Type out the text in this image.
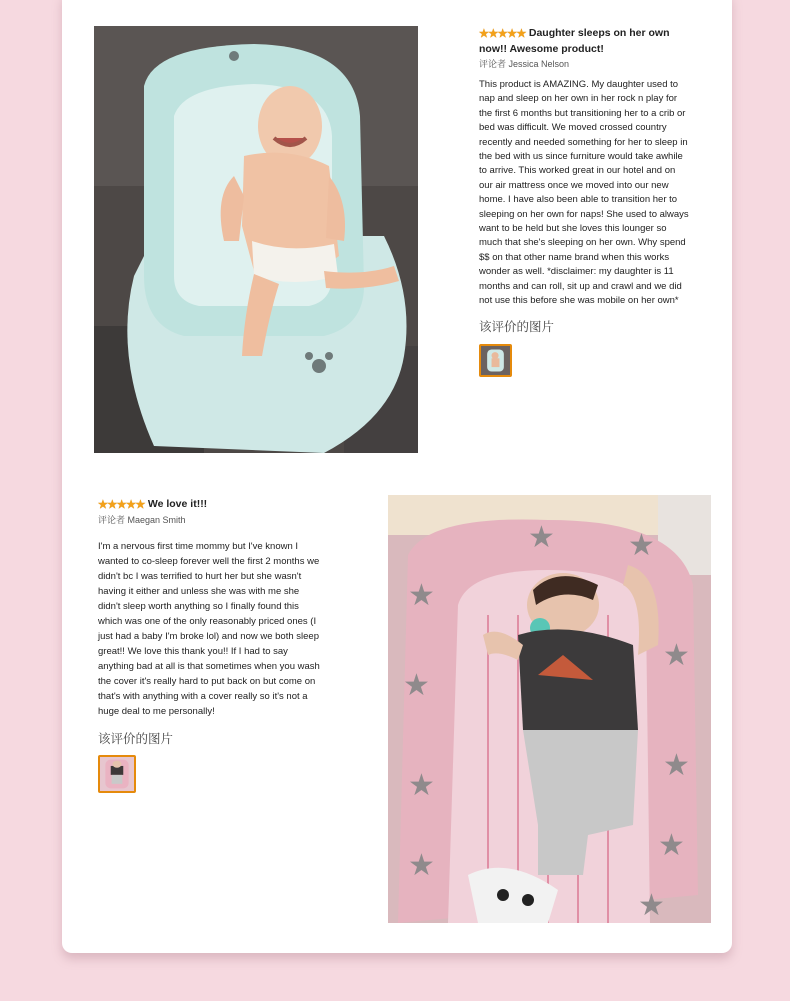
★★★★★ Daughter sleeps on her own now!! Awesome product!
评论者 Jessica Nelson
This product is AMAZING. My daughter used to nap and sleep on her own in her rock n play for the first 6 months but transitioning her to a crib or bed was difficult. We moved crossed country recently and needed something for her to sleep in the bed with us since furniture would take awhile to arrive. This worked great in our hotel and on our air mattress once we moved into our new home. I have also been able to transition her to sleeping on her own for naps! She used to always want to be held but she loves this lounger so much that she's sleeping on her own. Why spend $$ on that other name brand when this works wonder as well. *disclaimer: my daughter is 11 months and can roll, sit up and crawl and we did not use this before she was mobile on her own*
该评价的图片
★★★★★ We love it!!!
评论者 Maegan Smith
I'm a nervous first time mommy but I've known I wanted to co-sleep forever well the first 2 months we didn't bc I was terrified to hurt her but she wasn't having it either and unless she was with me she didn't sleep worth anything so I finally found this which was one of the only reasonably priced ones (I just had a baby I'm broke lol) and now we both sleep great!! We love this thank you!! If I had to say anything bad at all is that sometimes when you wash the cover it's really hard to put back on but come on that's with anything with a cover really so it's not a huge deal to me personally!
该评价的图片
★
★ ★
★
★
★
★
★
★
★
